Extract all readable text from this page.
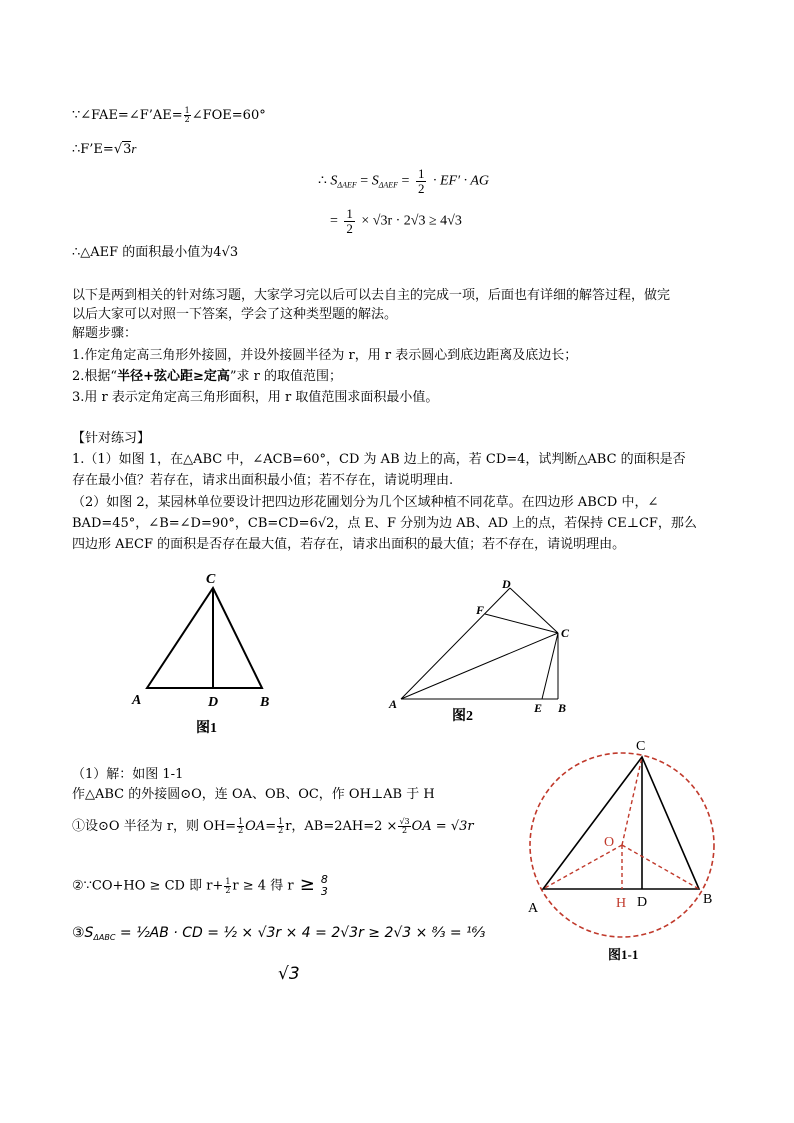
∵∠FAE=∠F’AE= $\frac{1}{2}$ ∠FOE=60°
∴F’E=√3r
∴ $S_{\Delta AEF} = S_{\Delta AEF} = \frac{1}{2} \cdot EF'$ · AG
= $\frac{1}{2} \times √3r \cdot 2√3 \ge 4√3$
∴△AEF 的面积最小值为4√3
以下是两到相关的针对练习题，大家学习完以后可以去自主的完成一项，后面也有详细的解答过程，做完
以后大家可以对照一下答案，学会了这种类型题的解法。
解题步骤：
1.作定角定高三角形外接圆，并设外接圆半径为 r，用 r 表示圆心到底边距离及底边长；
2.根据“半径+弦心距≥定高”求 r 的取值范围；
3.用 r 表示定角定高三角形面积，用 r 取值范围求面积最小值。
【针对练习】
1.（1）如图 1，在△ABC 中，∠ACB=60°，CD 为 AB 边上的高，若 CD=4，试判断△ABC 的面积是否
存在最小值？若存在，请求出面积最小值；若不存在，请说明理由.
（2）如图 2，某园林单位要设计把四边形花圃划分为几个区域种植不同花草。在四边形 ABCD 中，∠
BAD=45°，∠B=∠D=90°，CB=CD=6√2，点 E、F 分别为边 AB、AD 上的点，若保持 CE⊥CF，那么
四边形 AECF 的面积是否存在最大值，若存在，请求出面积的最大值；若不存在，请说明理由。
C
A	D	B
图1
D
F
C
A	E B
图2
C
O
A	H D	B
图1-1
（1）解：如图 1-1
作△ABC 的外接圆⊙O，连 OA、OB、OC，作 OH⊥AB 于 H
①设⊙O 半径为 r，则 $OH= \frac{1}{2} OA= \frac{1}{2}$ r，$AB=2AH=2 \times \frac{√3}{2}$ OA = √3r
②∵CO+HO ≥ CD 即 $r+ \frac{1}{2}$ r ≥ 4 得 r ≥ 8
3
$③S_{\Delta ABC}$ = ½AB · CD = ½ × √3r × 4 = 2√3r ≥ 2√3 × ⁸⁄₃ = ¹⁶⁄₃
√3
